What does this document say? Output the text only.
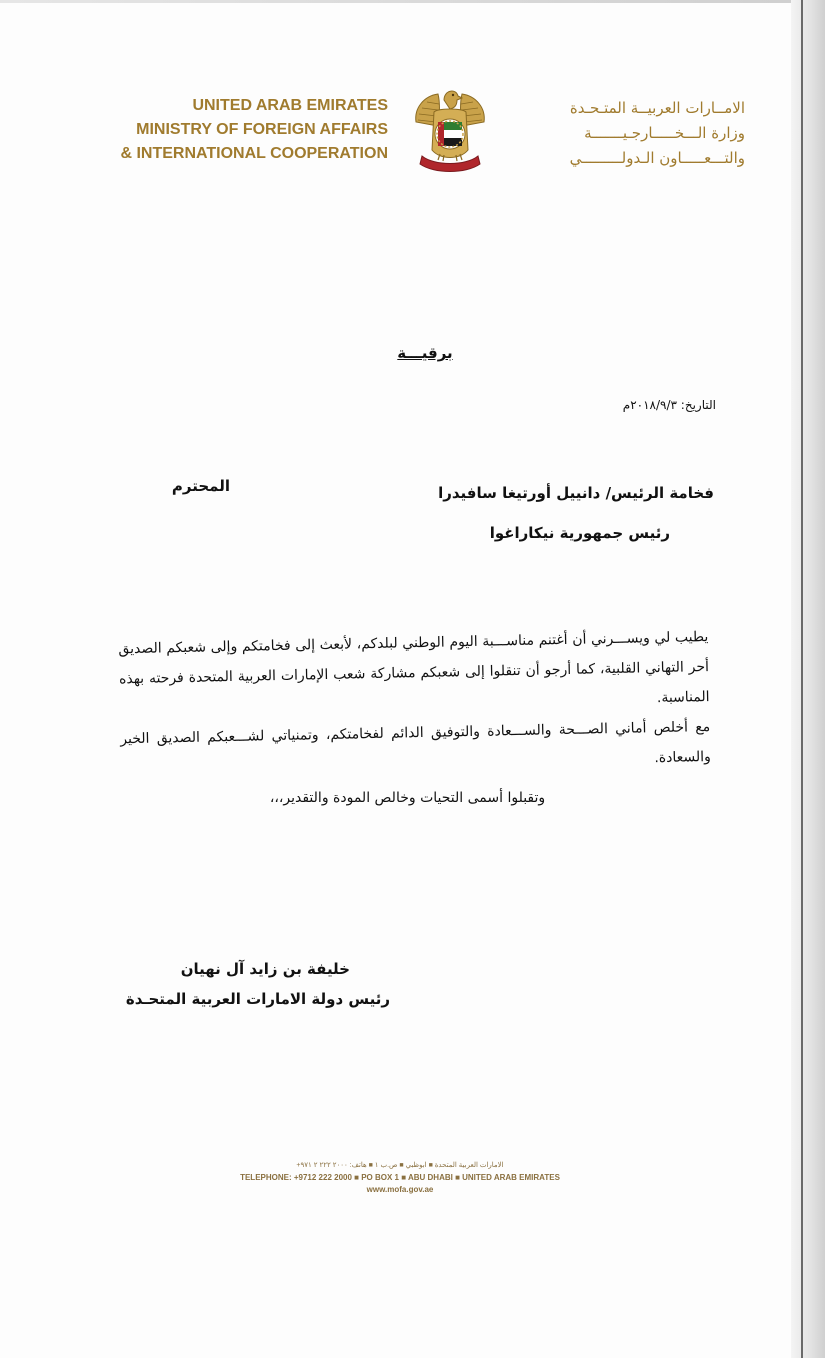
UNITED ARAB EMIRATES
MINISTRY OF FOREIGN AFFAIRS
& INTERNATIONAL COOPERATION
الامــارات العربيــة المتـحـدة
وزارة الـــخـــــارجـيـــــــة
والتـــعـــــاون الـدولـــــــــي
برقيـــة
التاريخ: ٢٠١٨/٩/٣م
المحترم	فخامة الرئيس/ دانييل أورتيغا سافيدرا
رئيس جمهورية نيكاراغوا

يطيب لي ويســـرني أن أغتنم مناســـبة اليوم الوطني لبلدكم، لأبعث إلى فخامتكم وإلى شعبكم الصديق أحر التهاني القلبية، كما أرجو أن تنقلوا إلى شعبكم مشاركة شعب الإمارات العربية المتحدة فرحته بهذه المناسبة.

مع أخلص أماني الصـــحة والســـعادة والتوفيق الدائم لفخامتكم، وتمنياتي لشـــعبكم الصديق الخير والسعادة.

وتقبلوا أسمى التحيات وخالص المودة والتقدير،،،
خليفة بن زايد آل نهيان
رئيس دولة الامارات العربية المتحـدة
الامارات العربية المتحدة ■ ابوظبي ■ ص.ب ١ ■ هاتف: ٢٠٠٠ ٢٢٢ ٢ ٩٧١+
TELEPHONE: +9712 222 2000 ■ PO BOX 1 ■ ABU DHABI ■ UNITED ARAB EMIRATES
www.mofa.gov.ae
